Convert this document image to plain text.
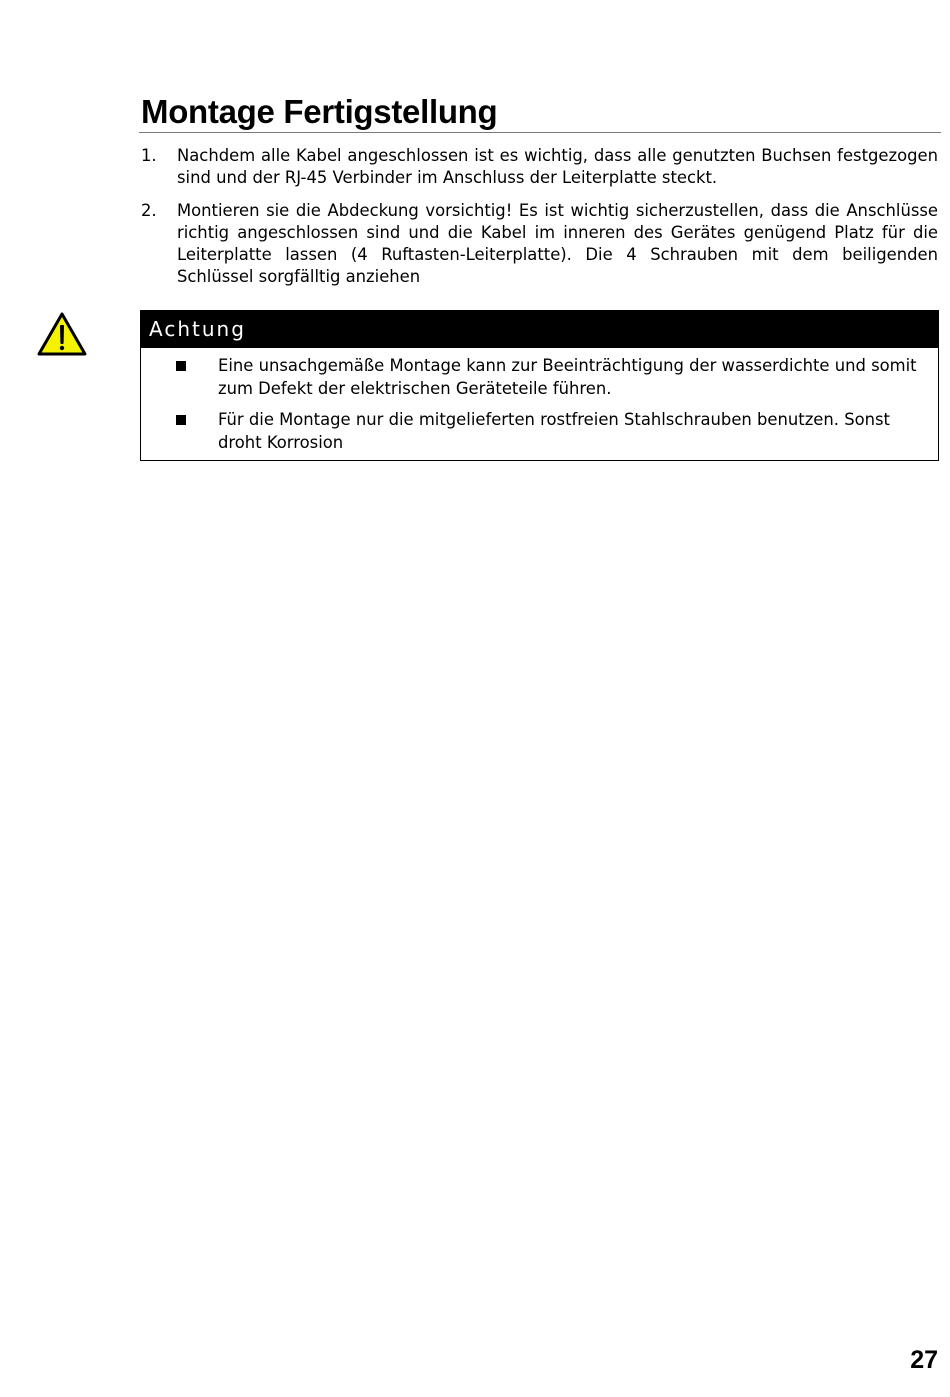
Montage Fertigstellung
1. Nachdem alle Kabel angeschlossen ist es wichtig, dass alle genutzten Buchsen festgezogen sind und der RJ-45 Verbinder im Anschluss der Leiterplatte steckt.
2. Montieren sie die Abdeckung vorsichtig! Es ist wichtig sicherzustellen, dass die Anschlüsse richtig angeschlossen sind und die Kabel im inneren des Gerätes genügend Platz für die Leiterplatte lassen (4 Ruftasten-Leiterplatte). Die 4 Schrauben mit dem beiligenden Schlüssel sorgfälltig anziehen
Achtung
Eine unsachgemäße Montage kann zur Beeinträchtigung der wasserdichte und somit zum Defekt der elektrischen Geräteteile führen.
Für die Montage nur die mitgelieferten rostfreien Stahlschrauben benutzen. Sonst droht Korrosion
27
